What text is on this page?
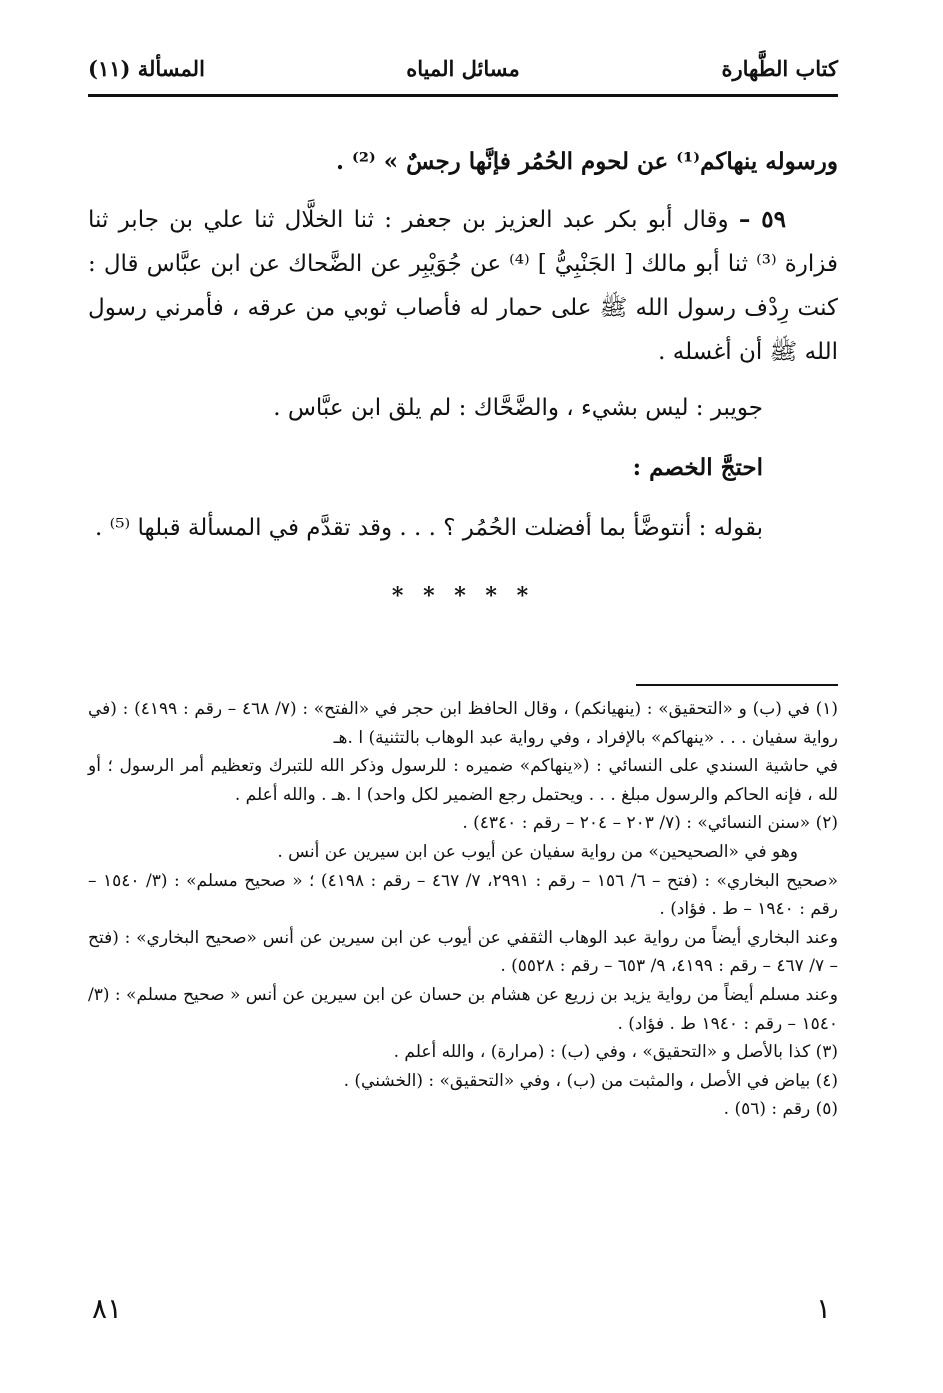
كتاب الطَّهارة
مسائل المياه
المسألة (١١)

ورسوله ينهاكم⁽¹⁾ عن لحوم الحُمُر فإنَّها رجسٌ » ⁽²⁾ .

٥٩ – وقال أبو بكر عبد العزيز بن جعفر : ثنا الخلَّال ثنا علي بن جابر ثنا فزارة ⁽³⁾ ثنا أبو مالك [ الجَنْبِيُّ ] ⁽⁴⁾ عن جُوَيْبِر عن الضَّحاك عن ابن عبَّاس قال : كنت رِدْف رسول الله ﷺ على حمار له فأصاب ثوبي من عرقه ، فأمرني رسول الله ﷺ أن أغسله .

جويبر : ليس بشيء ، والضَّحَّاك : لم يلق ابن عبَّاس .

احتجَّ الخصم :

بقوله : أنتوضَّأ بما أفضلت الحُمُر ؟ . . . وقد تقدَّم في المسألة قبلها ⁽⁵⁾ .

* * * * *

(١) في (ب) و «التحقيق» : (ينهيانكم) ، وقال الحافظ ابن حجر في «الفتح» : (٧/ ٤٦٨ – رقم : ٤١٩٩) : (في رواية سفيان . . . «ينهاكم» بالإفراد ، وفي رواية عبد الوهاب بالتثنية) ا .هـ

في حاشية السندي على النسائي : («ينهاكم» ضميره : للرسول وذكر الله للتبرك وتعظيم أمر الرسول ؛ أو لله ، فإنه الحاكم والرسول مبلغ . . . ويحتمل رجع الضمير لكل واحد) ا .هـ . والله أعلم .

(٢) «سنن النسائي» : (٧/ ٢٠٣ – ٢٠٤ – رقم : ٤٣٤٠) .

وهو في «الصحيحين» من رواية سفيان عن أيوب عن ابن سيرين عن أنس .

«صحيح البخاري» : (فتح – ٦/ ١٥٦ – رقم : ٢٩٩١، ٧/ ٤٦٧ – رقم : ٤١٩٨) ؛ « صحيح مسلم» : (٣/ ١٥٤٠ – رقم : ١٩٤٠ – ط . فؤاد) .

وعند البخاري أيضاً من رواية عبد الوهاب الثقفي عن أيوب عن ابن سيرين عن أنس «صحيح البخاري» : (فتح – ٧/ ٤٦٧ – رقم : ٤١٩٩، ٩/ ٦٥٣ – رقم : ٥٥٢٨) .

وعند مسلم أيضاً من رواية يزيد بن زريع عن هشام بن حسان عن ابن سيرين عن أنس « صحيح مسلم» : (٣/ ١٥٤٠ – رقم : ١٩٤٠ ط . فؤاد) .

(٣) كذا بالأصل و «التحقيق» ، وفي (ب) : (مرارة) ، والله أعلم .

(٤) بياض في الأصل ، والمثبت من (ب) ، وفي «التحقيق» : (الخشني) .

(٥) رقم : (٥٦) .

٨١	١
